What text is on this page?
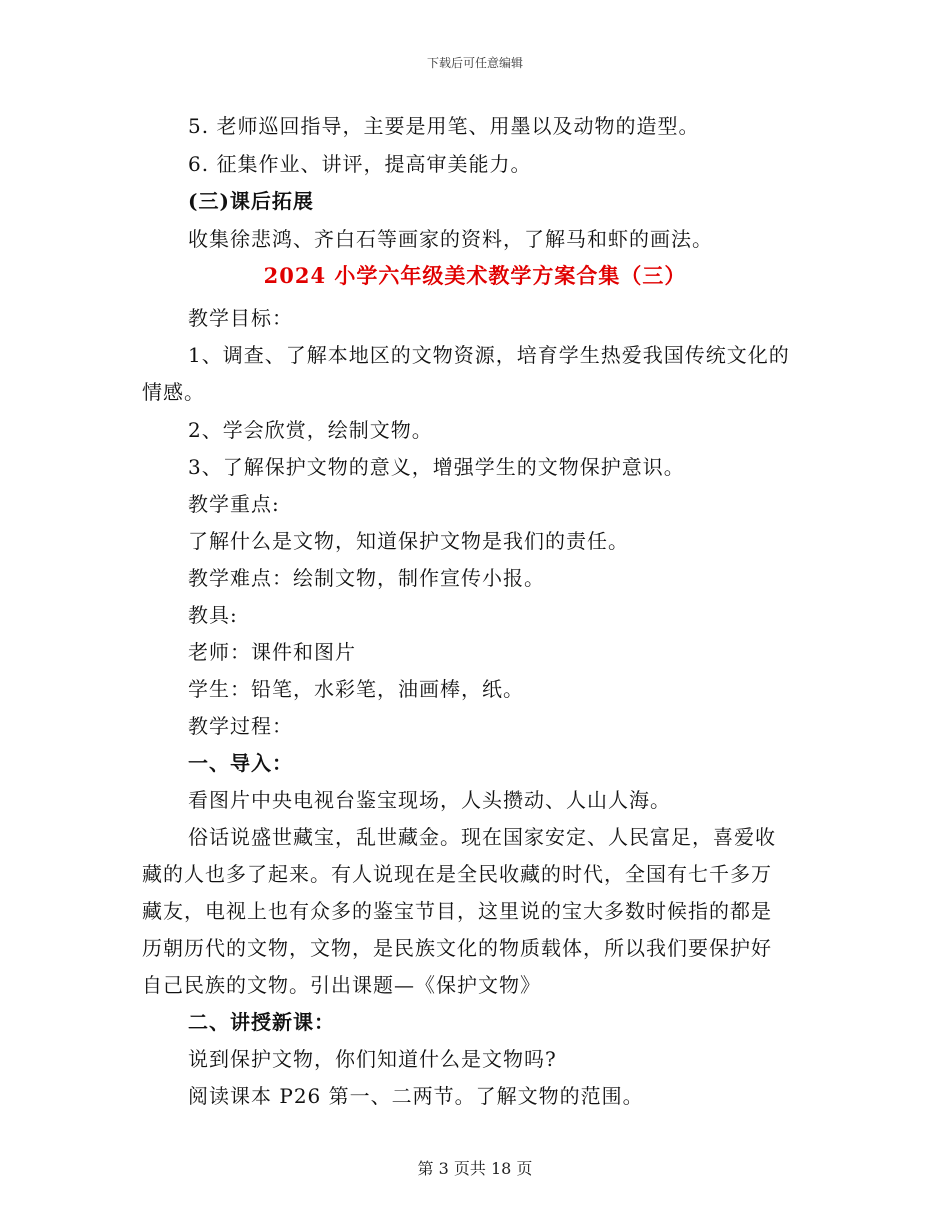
下载后可任意编辑
5. 老师巡回指导，主要是用笔、用墨以及动物的造型。
6. 征集作业、讲评，提高审美能力。
(三)课后拓展
收集徐悲鸿、齐白石等画家的资料，了解马和虾的画法。
2024 小学六年级美术教学方案合集（三）
教学目标：
1、调查、了解本地区的文物资源，培育学生热爱我国传统文化的
情感。
2、学会欣赏，绘制文物。
3、了解保护文物的意义，增强学生的文物保护意识。
教学重点:
了解什么是文物，知道保护文物是我们的责任。
教学难点：绘制文物，制作宣传小报。
教具:
老师：课件和图片
学生：铅笔，水彩笔，油画棒，纸。
教学过程：
一、导入：
看图片中央电视台鉴宝现场，人头攒动、人山人海。
俗话说盛世藏宝，乱世藏金。现在国家安定、人民富足，喜爱收
藏的人也多了起来。有人说现在是全民收藏的时代，全国有七千多万
藏友，电视上也有众多的鉴宝节目，这里说的宝大多数时候指的都是
历朝历代的文物，文物，是民族文化的物质载体，所以我们要保护好
自己民族的文物。引出课题—《保护文物》
二、讲授新课：
说到保护文物，你们知道什么是文物吗?
阅读课本 P26 第一、二两节。了解文物的范围。
第 3 页共 18 页
